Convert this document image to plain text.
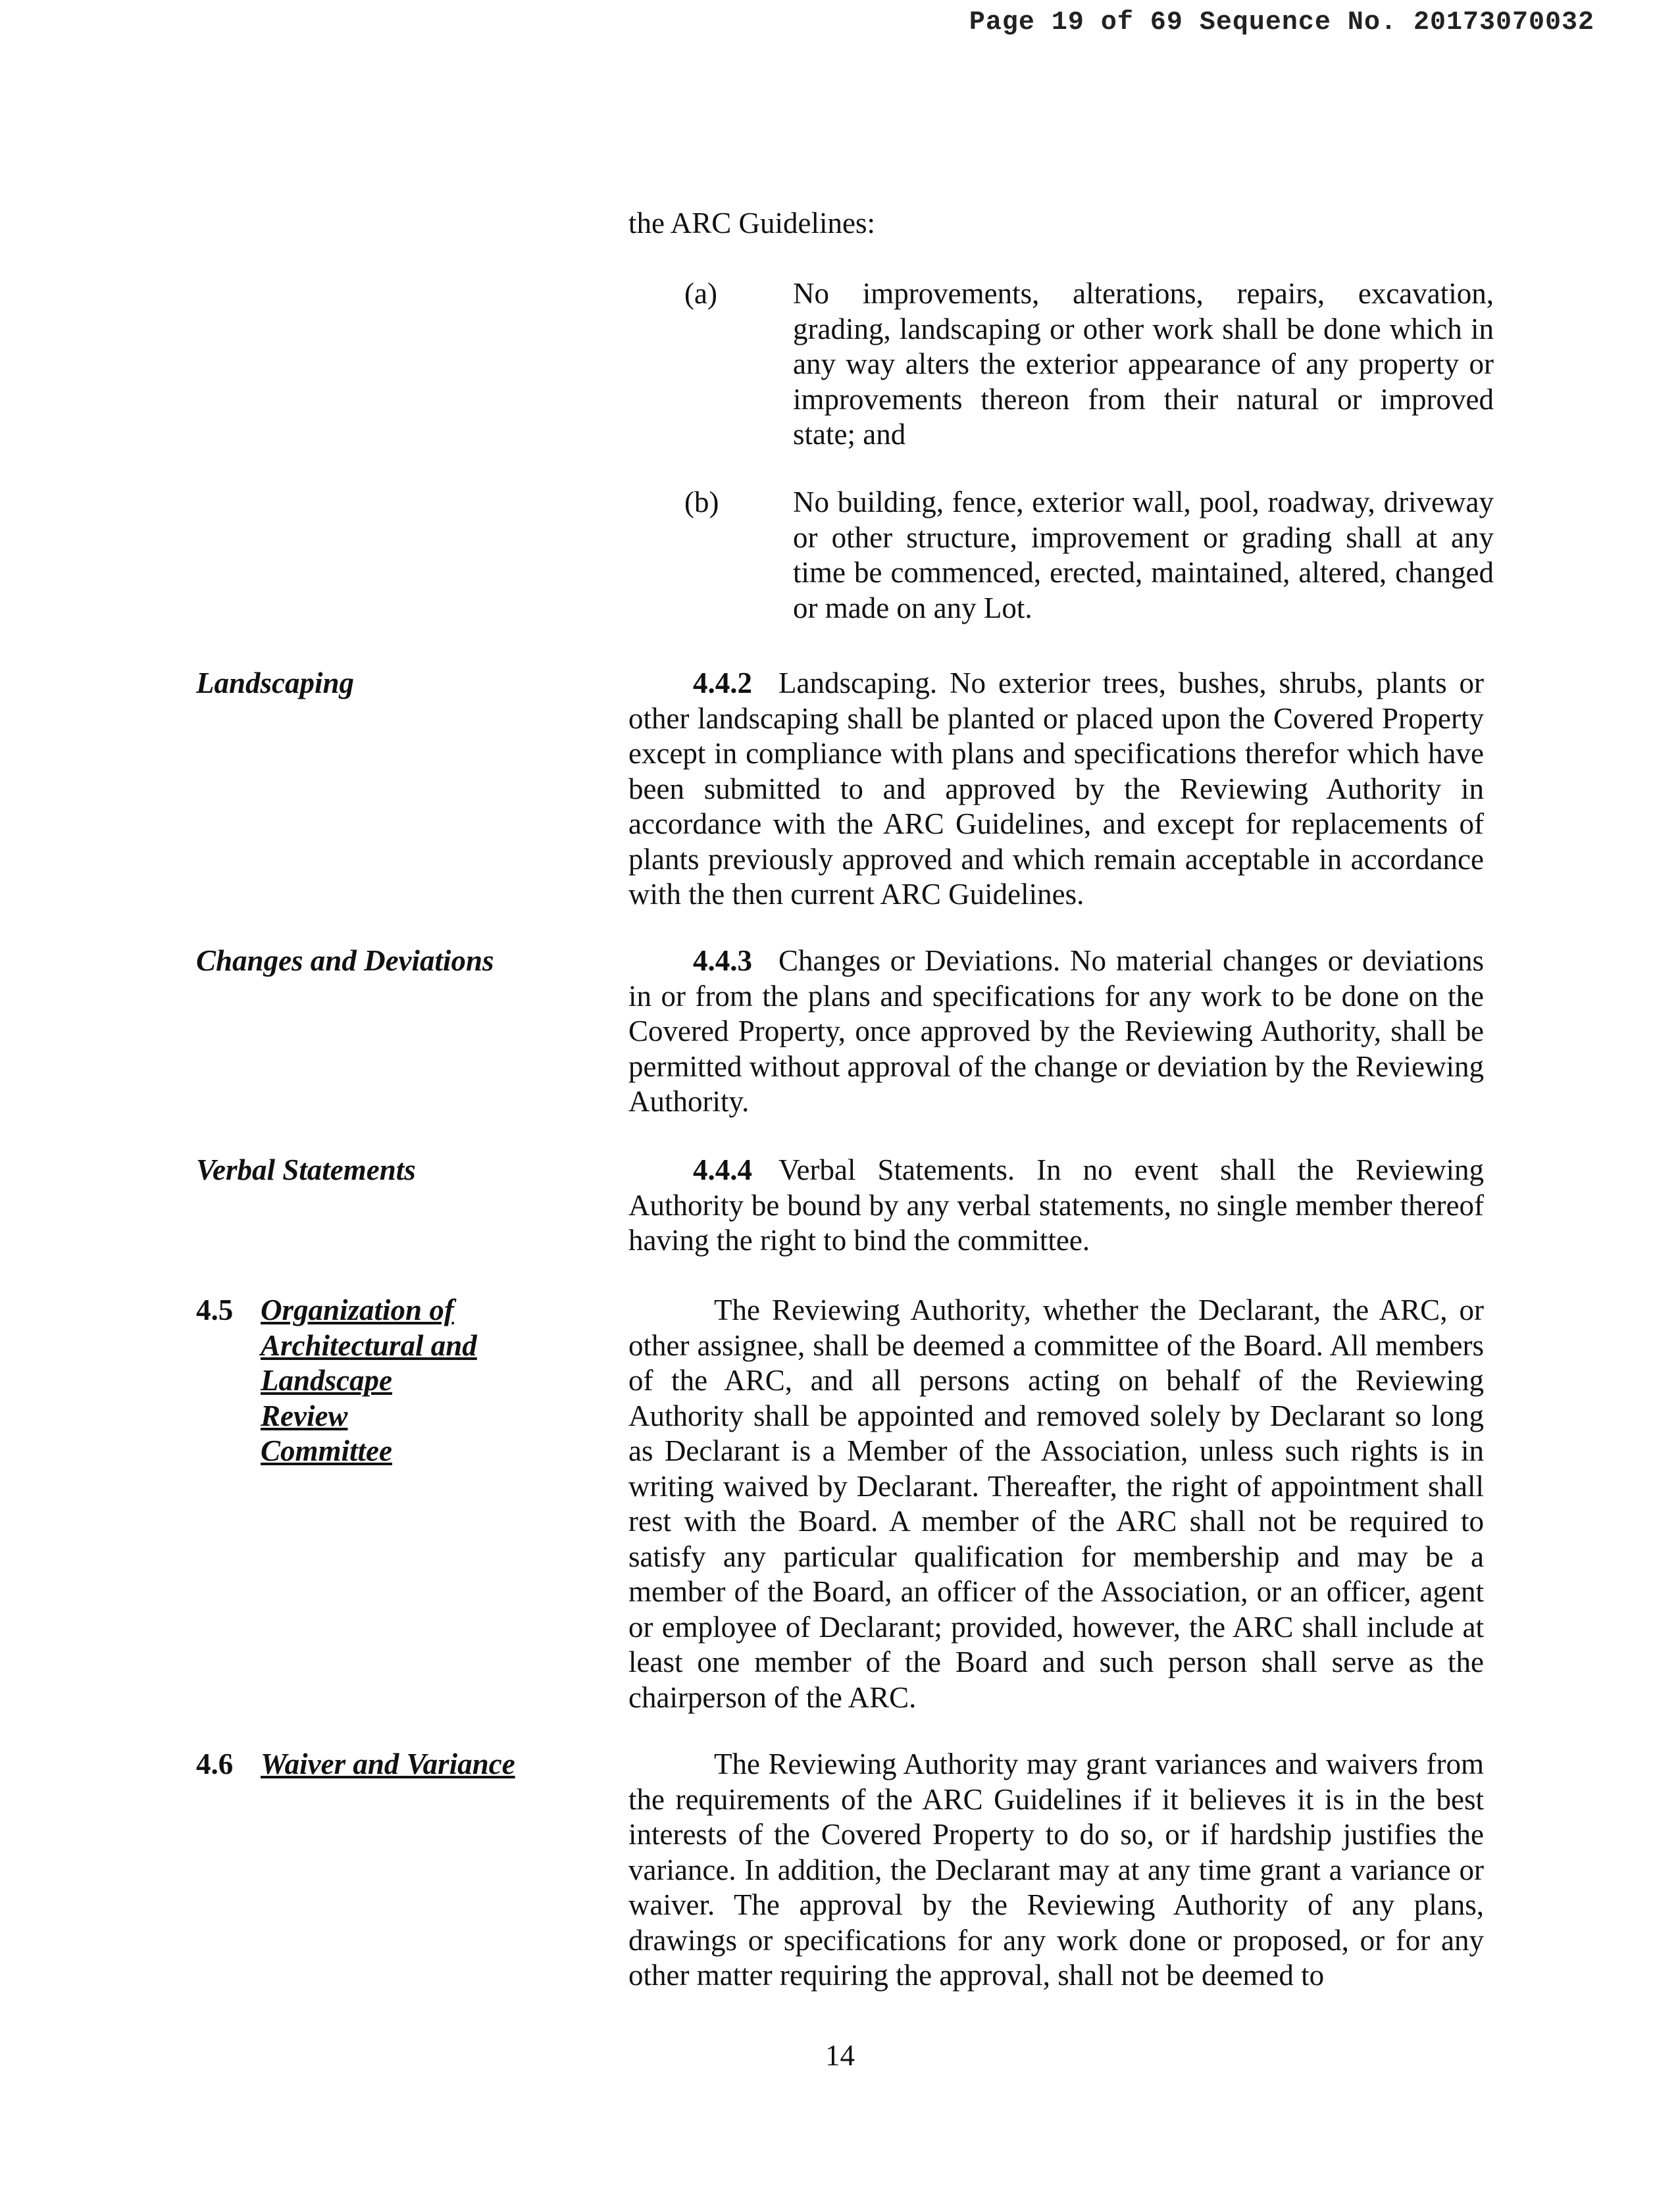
Page 19 of 69 Sequence No. 20173070032
the ARC Guidelines:
(a)	No improvements, alterations, repairs, excavation, grading, landscaping or other work shall be done which in any way alters the exterior appearance of any property or improvements thereon from their natural or improved state; and
(b)	No building, fence, exterior wall, pool, roadway, driveway or other structure, improvement or grading shall at any time be commenced, erected, maintained, altered, changed or made on any Lot.
Landscaping	4.4.2 Landscaping. No exterior trees, bushes, shrubs, plants or other landscaping shall be planted or placed upon the Covered Property except in compliance with plans and specifications therefor which have been submitted to and approved by the Reviewing Authority in accordance with the ARC Guidelines, and except for replacements of plants previously approved and which remain acceptable in accordance with the then current ARC Guidelines.

Changes and Deviations	4.4.3 Changes or Deviations. No material changes or deviations in or from the plans and specifications for any work to be done on the Covered Property, once approved by the Reviewing Authority, shall be permitted without approval of the change or deviation by the Reviewing Authority.

Verbal Statements	4.4.4 Verbal Statements. In no event shall the Reviewing Authority be bound by any verbal statements, no single member thereof having the right to bind the committee.

4.5 Organization of Architectural and Landscape Review Committee

The Reviewing Authority, whether the Declarant, the ARC, or other assignee, shall be deemed a committee of the Board. All members of the ARC, and all persons acting on behalf of the Reviewing Authority shall be appointed and removed solely by Declarant so long as Declarant is a Member of the Association, unless such rights is in writing waived by Declarant. Thereafter, the right of appointment shall rest with the Board. A member of the ARC shall not be required to satisfy any particular qualification for membership and may be a member of the Board, an officer of the Association, or an officer, agent or employee of Declarant; provided, however, the ARC shall include at least one member of the Board and such person shall serve as the chairperson of the ARC.

4.6 Waiver and Variance	The Reviewing Authority may grant variances and waivers from the requirements of the ARC Guidelines if it believes it is in the best interests of the Covered Property to do so, or if hardship justifies the variance. In addition, the Declarant may at any time grant a variance or waiver. The approval by the Reviewing Authority of any plans, drawings or specifications for any work done or proposed, or for any other matter requiring the approval, shall not be deemed to

14
